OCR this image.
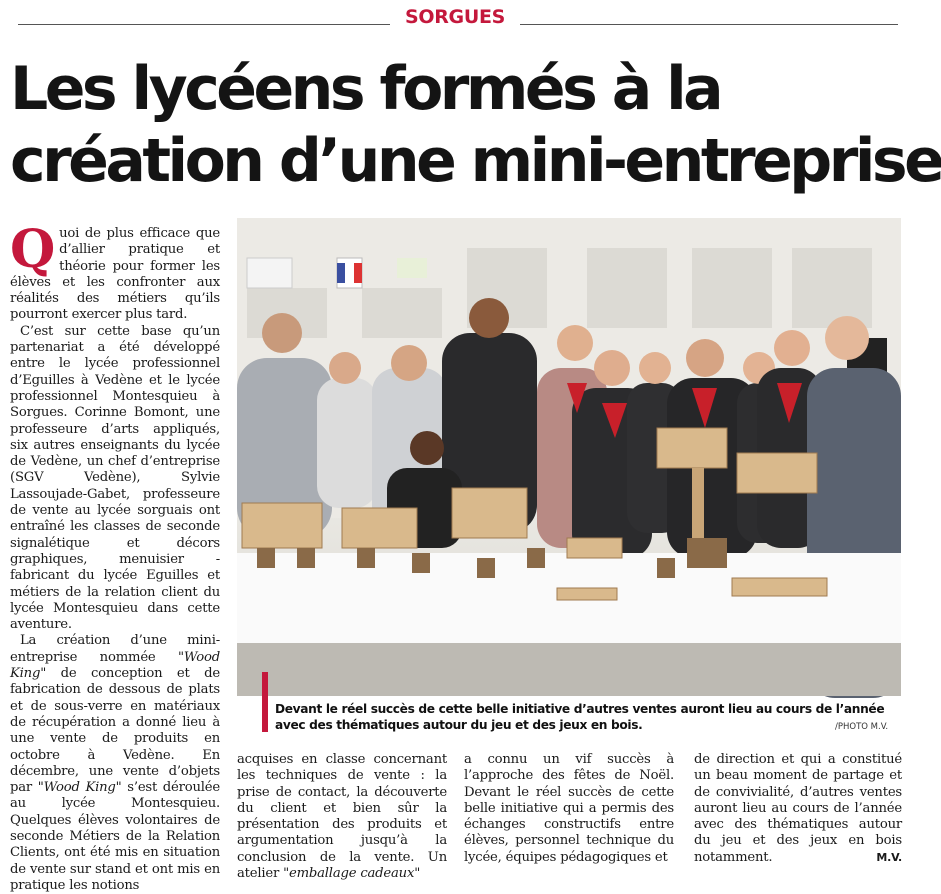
SORGUES
Les lycéens formés à la
création d’une mini-entreprise

Quoi de plus efficace que d’allier pratique et théorie pour former les élèves et les confronter aux réalités des métiers qu’ils pourront exercer plus tard.

C’est sur cette base qu’un partenariat a été développé entre le lycée professionnel d’Eguilles à Vedène et le lycée professionnel Montesquieu à Sorgues. Corinne Bomont, une professeure d’arts appliqués, six autres enseignants du lycée de Vedène, un chef d’entreprise (SGV Vedène), Sylvie Lassoujade-Gabet, professeure de vente au lycée sorguais ont entraîné les classes de seconde signalétique et décors graphiques, menuisier - fabricant du lycée Eguilles et métiers de la relation client du lycée Montesquieu dans cette aventure.

La création d’une mini-entreprise nommée "Wood King" de conception et de fabrication de dessous de plats et de sous-verre en matériaux de récupération a donné lieu à une vente de produits en octobre à Vedène. En décembre, une vente d’objets par "Wood King" s’est déroulée au lycée Montesquieu. Quelques élèves volontaires de seconde Métiers de la Relation Clients, ont été mis en situation de vente sur stand et ont mis en pratique les notions

Devant le réel succès de cette belle initiative d’autres ventes auront lieu au cours de l’année avec des thématiques autour du jeu et des jeux en bois.	/PHOTO M.V.

acquises en classe concernant les techniques de vente : la prise de contact, la découverte du client et bien sûr la présentation des produits et argumentation jusqu’à la conclusion de la vente. Un atelier "emballage cadeaux"

a connu un vif succès à l’approche des fêtes de Noël. Devant le réel succès de cette belle initiative qui a permis des échanges constructifs entre élèves, personnel technique du lycée, équipes pédagogiques et

de direction et qui a constitué un beau moment de partage et de convivialité, d’autres ventes auront lieu au cours de l’année avec des thématiques autour du jeu et des jeux en bois notamment.	M.V.
